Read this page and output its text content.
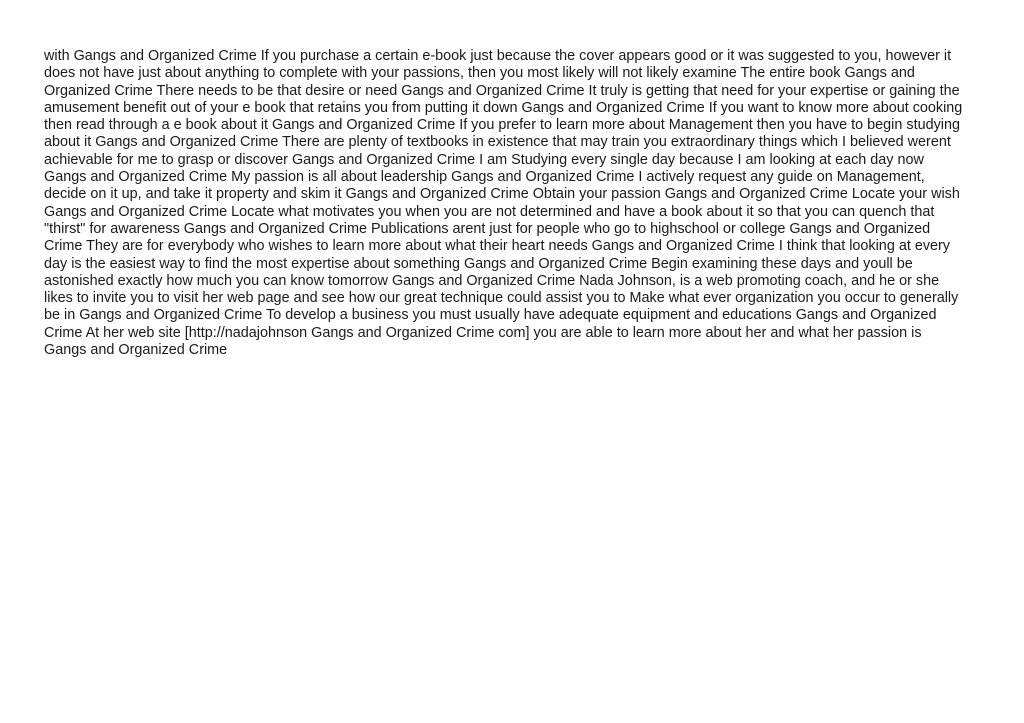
with Gangs and Organized Crime If you purchase a certain e-book just because the cover appears good or it was suggested to you, however it
does not have just about anything to complete with your passions, then you most likely will not likely examine The entire book Gangs and
Organized Crime There needs to be that desire or need Gangs and Organized Crime It truly is getting that need for your expertise or gaining the
amusement benefit out of your e book that retains you from putting it down Gangs and Organized Crime If you want to know more about cooking
then read through a e book about it Gangs and Organized Crime If you prefer to learn more about Management then you have to begin studying
about it Gangs and Organized Crime There are plenty of textbooks in existence that may train you extraordinary things which I believed werent
achievable for me to grasp or discover Gangs and Organized Crime I am Studying every single day because I am looking at each day now
Gangs and Organized Crime My passion is all about leadership Gangs and Organized Crime I actively request any guide on Management,
decide on it up, and take it property and skim it Gangs and Organized Crime Obtain your passion Gangs and Organized Crime Locate your wish
Gangs and Organized Crime Locate what motivates you when you are not determined and have a book about it so that you can quench that
"thirst" for awareness Gangs and Organized Crime Publications arent just for people who go to highschool or college Gangs and Organized
Crime They are for everybody who wishes to learn more about what their heart needs Gangs and Organized Crime I think that looking at every
day is the easiest way to find the most expertise about something Gangs and Organized Crime Begin examining these days and youll be
astonished exactly how much you can know tomorrow Gangs and Organized Crime Nada Johnson, is a web promoting coach, and he or she
likes to invite you to visit her web page and see how our great technique could assist you to Make what ever organization you occur to generally
be in Gangs and Organized Crime To develop a business you must usually have adequate equipment and educations Gangs and Organized
Crime At her web site [http://nadajohnson Gangs and Organized Crime com] you are able to learn more about her and what her passion is
Gangs and Organized Crime
